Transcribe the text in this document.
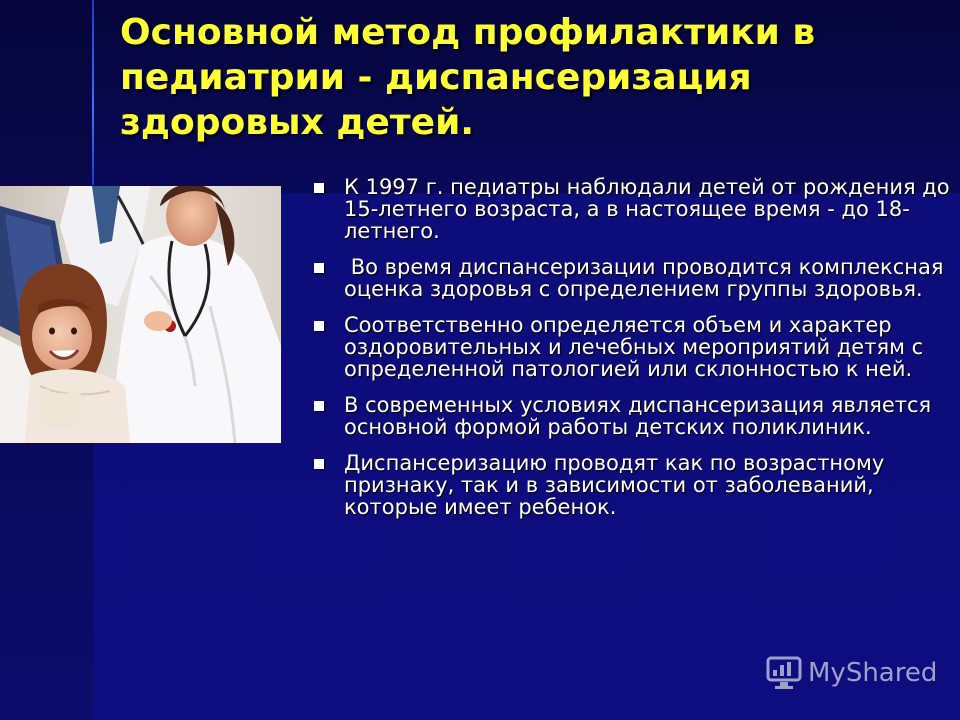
Основной метод профилактики в педиатрии - диспансеризация здоровых детей.
К 1997 г. педиатры наблюдали детей от рождения до 15-летнего возраста, а в настоящее время - до 18-летнего.
Во время диспансеризации проводится комплексная оценка здоровья с определением группы здоровья.
Соответственно определяется объем и характер оздоровительных и лечебных мероприятий детям с определенной патологией или склонностью к ней.
В современных условиях диспансеризация является основной формой работы детских поликлиник.
Диспансеризацию проводят как по возрастному признаку, так и в зависимости от заболеваний, которые имеет ребенок.
MyShared
